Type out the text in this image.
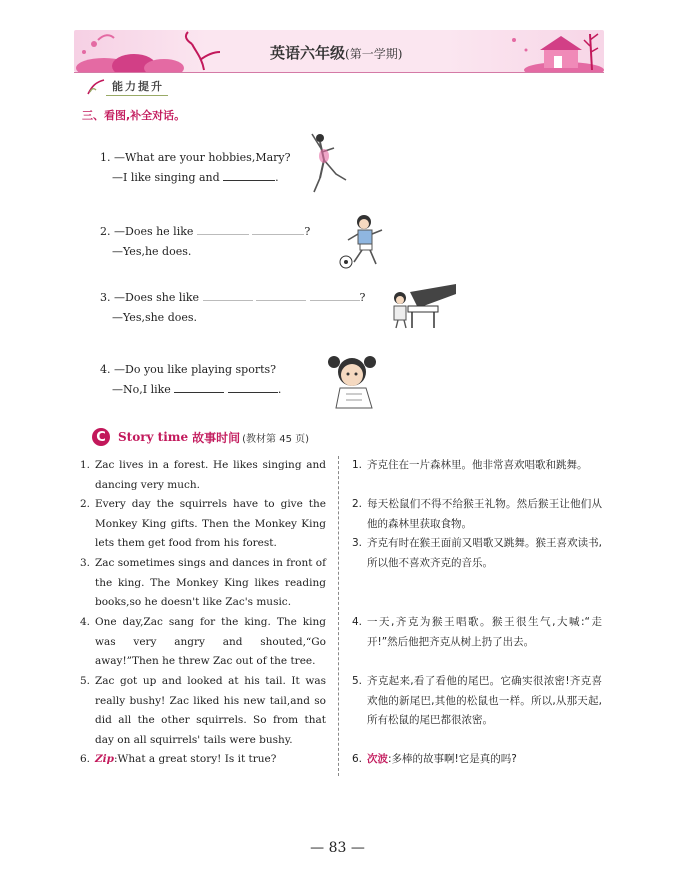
英语六年级(第一学期)
能力提升
三、看图,补全对话。
1. —What are your hobbies,Mary?
—I like singing and	.
2. —Does he like	?
—Yes,he does.
3. —Does she like	?
—Yes,she does.
4. —Do you like playing sports?
—No,I like	.
C	Story time 故事时间 (教材第 45 页)
1. Zac lives in a forest. He likes singing and dancing very much.
2. Every day the squirrels have to give the Monkey King gifts. Then the Monkey King lets them get food from his forest.
3. Zac sometimes sings and dances in front of the king. The Monkey King likes reading books,so he doesn't like Zac's music.
4. One day,Zac sang for the king. The king was very angry and shouted,“Go away!”Then he threw Zac out of the tree.
5. Zac got up and looked at his tail. It was really bushy! Zac liked his new tail,and so did all the other squirrels. So from that day on all squirrels' tails were bushy.
6. Zip:What a great story! Is it true?
1. 齐克住在一片森林里。他非常喜欢唱歌和跳舞。
2. 每天松鼠们不得不给猴王礼物。然后猴王让他们从他的森林里获取食物。
3. 齐克有时在猴王面前又唱歌又跳舞。猴王喜欢读书,所以他不喜欢齐克的音乐。
4. 一天,齐克为猴王唱歌。猴王很生气,大喊:“走开!”然后他把齐克从树上扔了出去。
5. 齐克起来,看了看他的尾巴。它确实很浓密!齐克喜欢他的新尾巴,其他的松鼠也一样。所以,从那天起,所有松鼠的尾巴都很浓密。
6. 次波:多棒的故事啊!它是真的吗?
— 83 —
